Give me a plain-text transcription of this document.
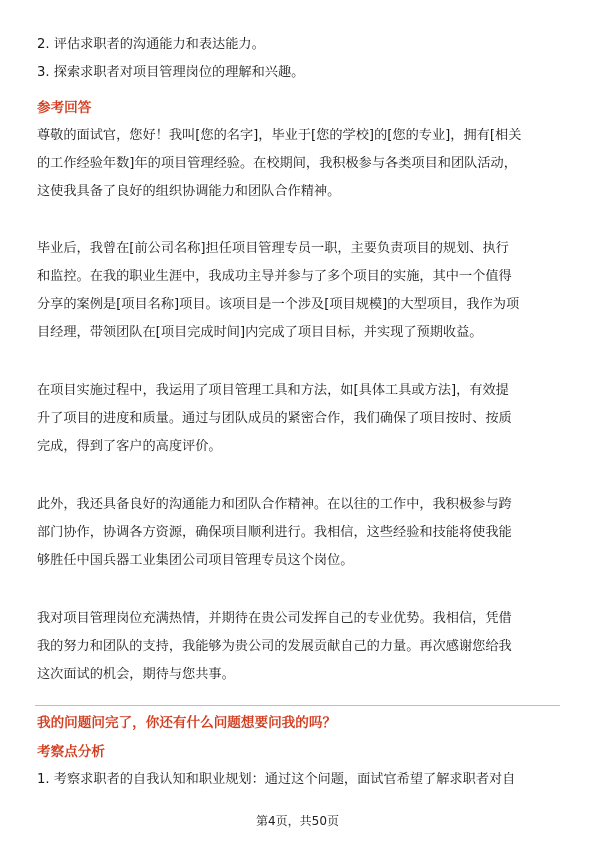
2. 评估求职者的沟通能力和表达能力。
3. 探索求职者对项目管理岗位的理解和兴趣。
参考回答
尊敬的面试官，您好！我叫[您的名字]，毕业于[您的学校]的[您的专业]，拥有[相关
的工作经验年数]年的项目管理经验。在校期间，我积极参与各类项目和团队活动，
这使我具备了良好的组织协调能力和团队合作精神。
毕业后，我曾在[前公司名称]担任项目管理专员一职，主要负责项目的规划、执行
和监控。在我的职业生涯中，我成功主导并参与了多个项目的实施，其中一个值得
分享的案例是[项目名称]项目。该项目是一个涉及[项目规模]的大型项目，我作为项
目经理，带领团队在[项目完成时间]内完成了项目目标，并实现了预期收益。
在项目实施过程中，我运用了项目管理工具和方法，如[具体工具或方法]，有效提
升了项目的进度和质量。通过与团队成员的紧密合作，我们确保了项目按时、按质
完成，得到了客户的高度评价。
此外，我还具备良好的沟通能力和团队合作精神。在以往的工作中，我积极参与跨
部门协作，协调各方资源，确保项目顺利进行。我相信，这些经验和技能将使我能
够胜任中国兵器工业集团公司项目管理专员这个岗位。
我对项目管理岗位充满热情，并期待在贵公司发挥自己的专业优势。我相信，凭借
我的努力和团队的支持，我能够为贵公司的发展贡献自己的力量。再次感谢您给我
这次面试的机会，期待与您共事。
我的问题问完了，你还有什么问题想要问我的吗？
考察点分析
1. 考察求职者的自我认知和职业规划：通过这个问题，面试官希望了解求职者对自
第4页，共50页
